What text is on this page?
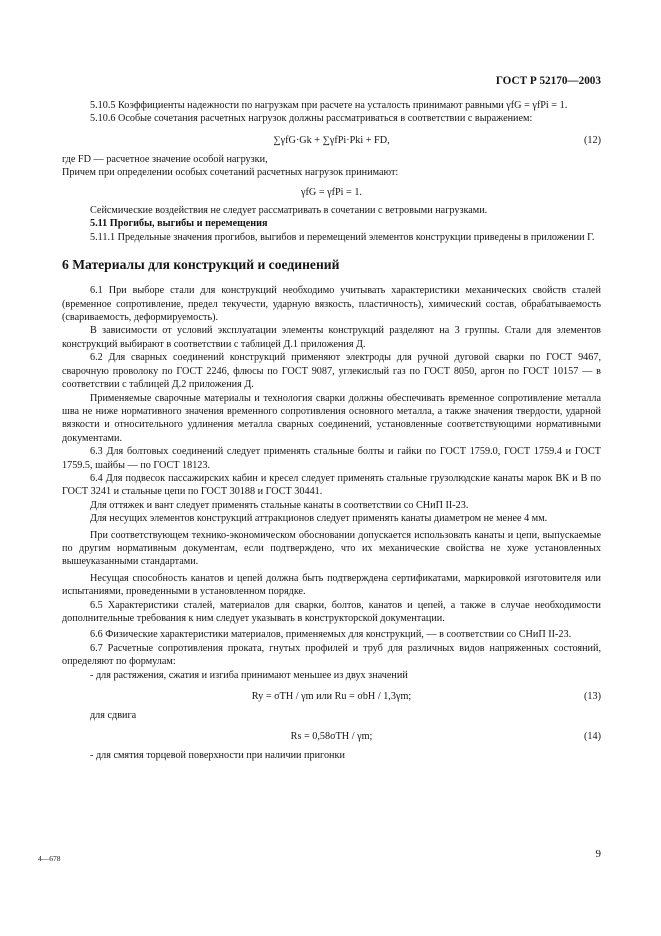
ГОСТ Р 52170—2003

5.10.5 Коэффициенты надежности по нагрузкам при расчете на усталость принимают равными γfG = γfPi = 1.

5.10.6 Особые сочетания расчетных нагрузок должны рассматриваться в соответствии с выражением:

∑γfG·Gk + ∑γfPi·Pki + FD,	(12)

где FD — расчетное значение особой нагрузки,

Причем при определении особых сочетаний расчетных нагрузок принимают:

γfG = γfPi = 1.

Сейсмические воздействия не следует рассматривать в сочетании с ветровыми нагрузками.

5.11 Прогибы, выгибы и перемещения

5.11.1 Предельные значения прогибов, выгибов и перемещений элементов конструкции приведены в приложении Г.

6 Материалы для конструкций и соединений

6.1 При выборе стали для конструкций необходимо учитывать характеристики механических свойств сталей (временное сопротивление, предел текучести, ударную вязкость, пластичность), химический состав, обрабатываемость (свариваемость, деформируемость).

В зависимости от условий эксплуатации элементы конструкций разделяют на 3 группы. Стали для элементов конструкций выбирают в соответствии с таблицей Д.1 приложения Д.

6.2 Для сварных соединений конструкций применяют электроды для ручной дуговой сварки по ГОСТ 9467, сварочную проволоку по ГОСТ 2246, флюсы по ГОСТ 9087, углекислый газ по ГОСТ 8050, аргон по ГОСТ 10157 — в соответствии с таблицей Д.2 приложения Д.

Применяемые сварочные материалы и технология сварки должны обеспечивать временное сопротивление металла шва не ниже нормативного значения временного сопротивления основного металла, а также значения твердости, ударной вязкости и относительного удлинения металла сварных соединений, установленные соответствующими нормативными документами.

6.3 Для болтовых соединений следует применять стальные болты и гайки по ГОСТ 1759.0, ГОСТ 1759.4 и ГОСТ 1759.5, шайбы — по ГОСТ 18123.

6.4 Для подвесок пассажирских кабин и кресел следует применять стальные грузолюдские канаты марок ВК и В по ГОСТ 3241 и стальные цепи по ГОСТ 30188 и ГОСТ 30441.

Для оттяжек и вант следует применять стальные канаты в соответствии со СНиП II-23.

Для несущих элементов конструкций аттракционов следует применять канаты диаметром не менее 4 мм.

При соответствующем технико-экономическом обосновании допускается использовать канаты и цепи, выпускаемые по другим нормативным документам, если подтверждено, что их механические свойства не хуже установленных вышеуказанными стандартами.

Несущая способность канатов и цепей должна быть подтверждена сертификатами, маркировкой изготовителя или испытаниями, проведенными в установленном порядке.

6.5 Характеристики сталей, материалов для сварки, болтов, канатов и цепей, а также в случае необходимости дополнительные требования к ним следует указывать в конструкторской документации.

6.6 Физические характеристики материалов, применяемых для конструкций, — в соответствии со СНиП II-23.

6.7 Расчетные сопротивления проката, гнутых профилей и труб для различных видов напряженных состояний, определяют по формулам:

- для растяжения, сжатия и изгиба принимают меньшее из двух значений

Ry = σTH / γm или Ru = σbH / 1,3γm;	(13)

для сдвига

Rs = 0,58σTH / γm;	(14)

- для смятия торцевой поверхности при наличии пригонки

4—678	9
